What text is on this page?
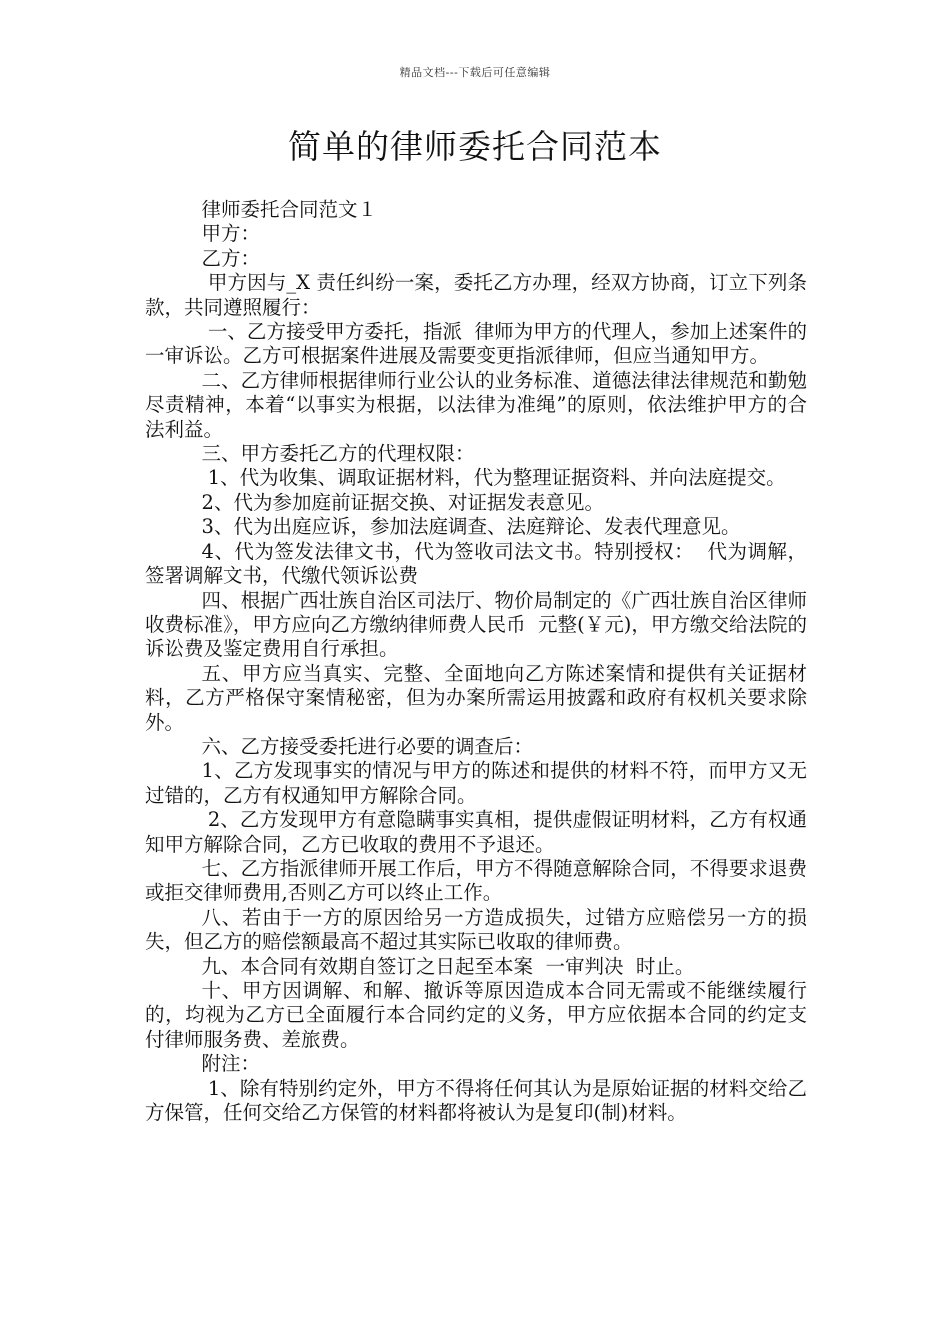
精品文档---下载后可任意编辑
简单的律师委托合同范本

律师委托合同范文１

甲方：

乙方：

甲方因与_X 责任纠纷一案，委托乙方办理，经双方协商，订立下列条款，共同遵照履行：

一、乙方接受甲方委托，指派  律师为甲方的代理人，参加上述案件的一审诉讼。乙方可根据案件进展及需要变更指派律师，但应当通知甲方。

二、乙方律师根据律师行业公认的业务标准、道德法律法律规范和勤勉尽责精神，本着“以事实为根据，以法律为准绳”的原则，依法维护甲方的合法利益。

三、甲方委托乙方的代理权限：

1、代为收集、调取证据材料，代为整理证据资料、并向法庭提交。

2、代为参加庭前证据交换、对证据发表意见。

3、代为出庭应诉，参加法庭调查、法庭辩论、发表代理意见。

4、代为签发法律文书，代为签收司法文书。特别授权：  代为调解，签署调解文书，代缴代领诉讼费

四、根据广西壮族自治区司法厅、物价局制定的《广西壮族自治区律师收费标准》，甲方应向乙方缴纳律师费人民币  元整(￥元)，甲方缴交给法院的诉讼费及鉴定费用自行承担。

五、甲方应当真实、完整、全面地向乙方陈述案情和提供有关证据材料，乙方严格保守案情秘密，但为办案所需运用披露和政府有权机关要求除外。

六、乙方接受委托进行必要的调查后：

1、乙方发现事实的情况与甲方的陈述和提供的材料不符，而甲方又无过错的，乙方有权通知甲方解除合同。

2、乙方发现甲方有意隐瞒事实真相，提供虚假证明材料，乙方有权通知甲方解除合同，乙方已收取的费用不予退还。

七、乙方指派律师开展工作后，甲方不得随意解除合同，不得要求退费或拒交律师费用,否则乙方可以终止工作。

八、若由于一方的原因给另一方造成损失，过错方应赔偿另一方的损失，但乙方的赔偿额最高不超过其实际已收取的律师费。

九、本合同有效期自签订之日起至本案  一审判决  时止。

十、甲方因调解、和解、撤诉等原因造成本合同无需或不能继续履行的，均视为乙方已全面履行本合同约定的义务，甲方应依据本合同的约定支付律师服务费、差旅费。

附注：

1、除有特别约定外，甲方不得将任何其认为是原始证据的材料交给乙方保管，任何交给乙方保管的材料都将被认为是复印(制)材料。
